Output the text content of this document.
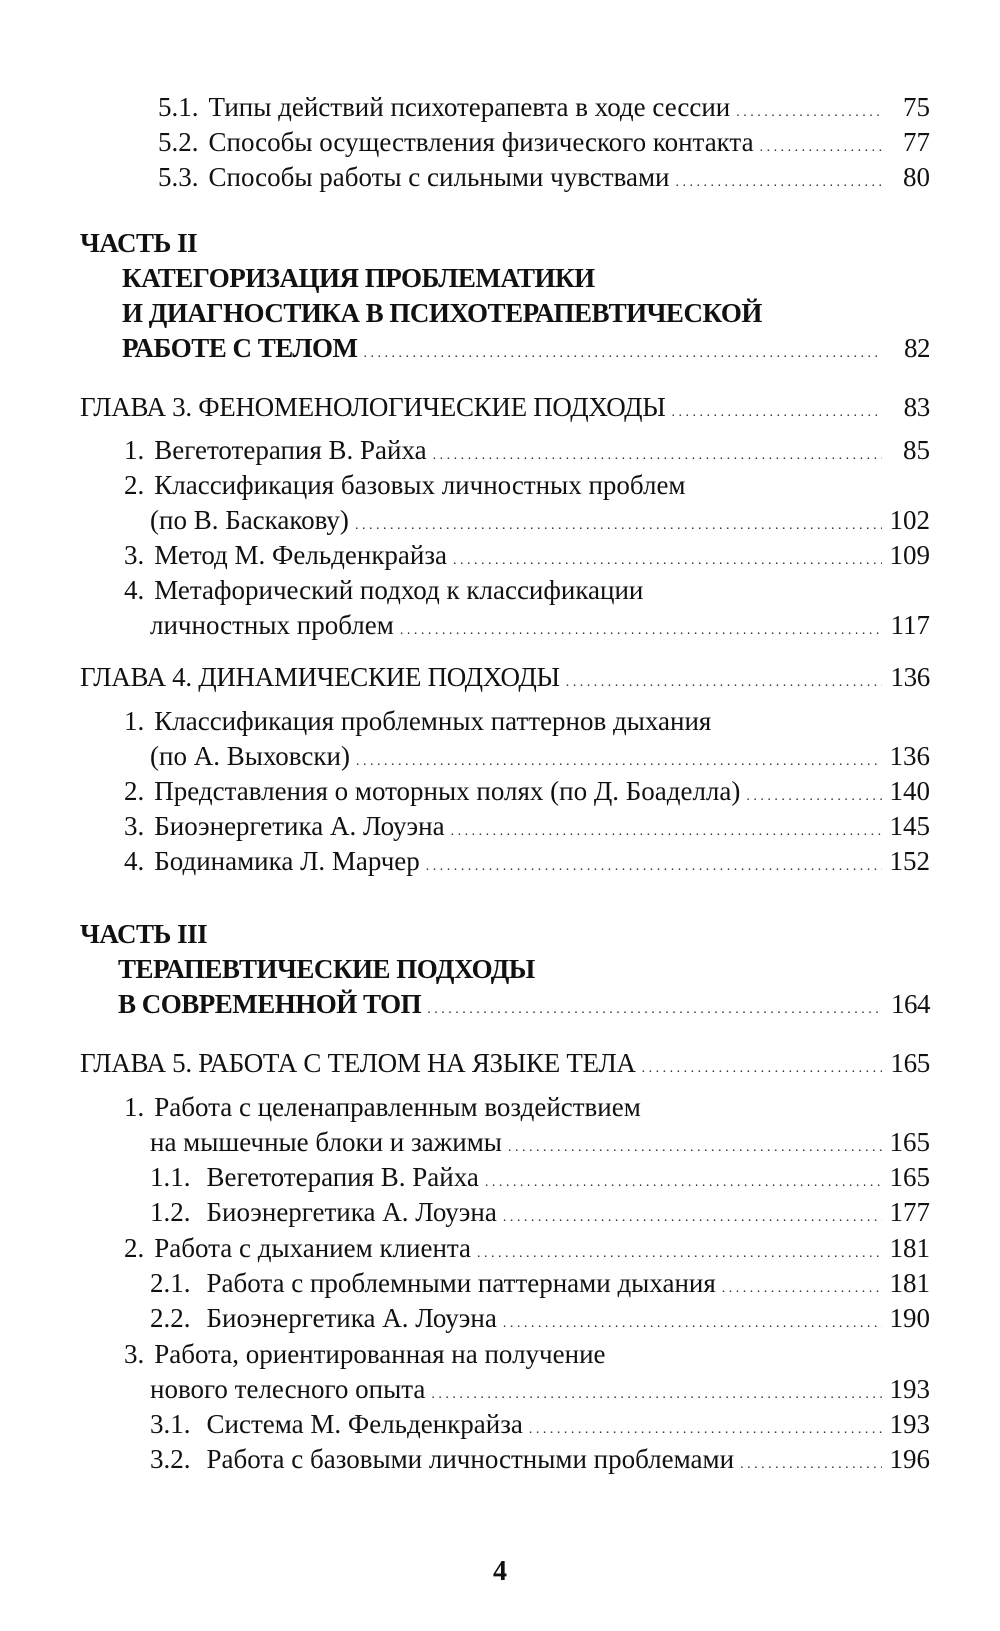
5.1. Типы действий психотерапевта в ходе сессии . . .	75
5.2. Способы осуществления физического контакта . . .	77
5.3. Способы работы с сильными чувствами . . .	80
ЧАСТЬ II
КАТЕГОРИЗАЦИЯ ПРОБЛЕМАТИКИ
И ДИАГНОСТИКА В ПСИХОТЕРАПЕВТИЧЕСКОЙ
РАБОТЕ С ТЕЛОМ . . .	82
ГЛАВА 3. ФЕНОМЕНОЛОГИЧЕСКИЕ ПОДХОДЫ . . .	83
1. Вегетотерапия В. Райха . . .	85
2. Классификация базовых личностных проблем
(по В. Баскакову) . . .	102
3. Метод М. Фельденкрайза . . .	109
4. Метафорический подход к классификации
личностных проблем . . .	117
ГЛАВА 4. ДИНАМИЧЕСКИЕ ПОДХОДЫ . . .	136
1. Классификация проблемных паттернов дыхания
(по А. Выховски) . . .	136
2. Представления о моторных полях (по Д. Боаделла) . . .	140
3. Биоэнергетика А. Лоуэна . . .	145
4. Бодинамика Л. Марчер . . .	152
ЧАСТЬ III
ТЕРАПЕВТИЧЕСКИЕ ПОДХОДЫ
В СОВРЕМЕННОЙ ТОП . . .	164
ГЛАВА 5. РАБОТА С ТЕЛОМ НА ЯЗЫКЕ ТЕЛА . . .	165
1. Работа с целенаправленным воздействием
на мышечные блоки и зажимы . . .	165
1.1. Вегетотерапия В. Райха . . .	165
1.2. Биоэнергетика А. Лоуэна . . .	177
2. Работа с дыханием клиента . . .	181
2.1. Работа с проблемными паттернами дыхания . . .	181
2.2. Биоэнергетика А. Лоуэна . . .	190
3. Работа, ориентированная на получение
нового телесного опыта . . .	193
3.1. Система М. Фельденкрайза . . .	193
3.2. Работа с базовыми личностными проблемами . . .	196
4
